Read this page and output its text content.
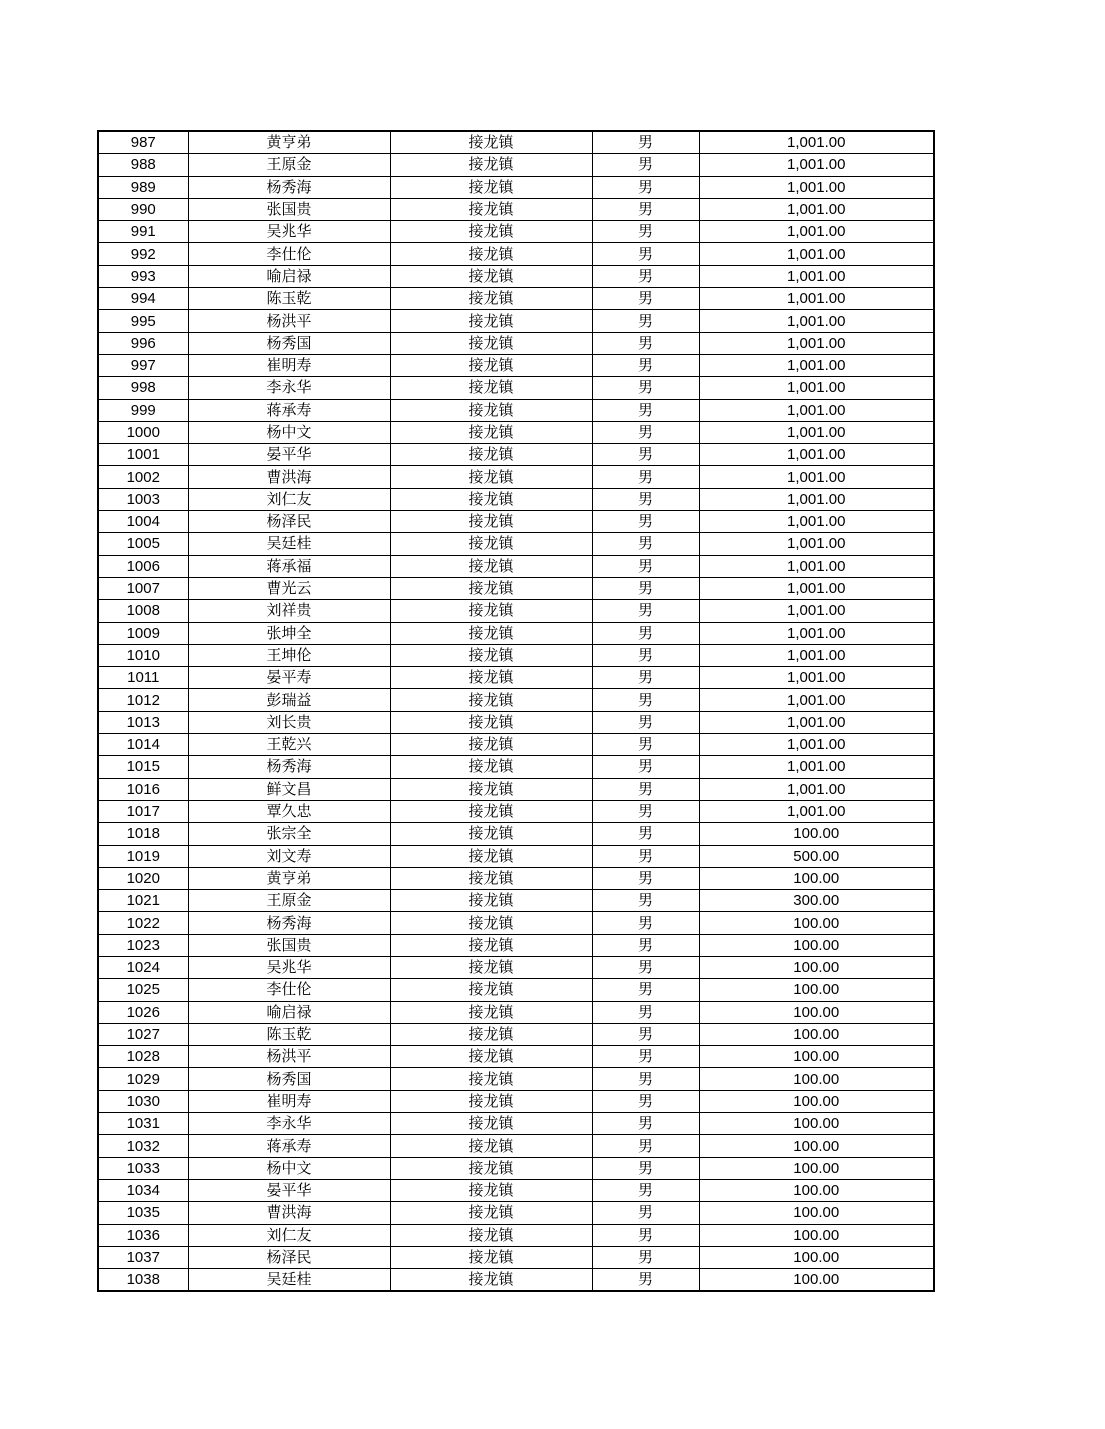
987	黄亨弟	接龙镇	男	1,001.00
988	王原金	接龙镇	男	1,001.00
989	杨秀海	接龙镇	男	1,001.00
990	张国贵	接龙镇	男	1,001.00
991	吴兆华	接龙镇	男	1,001.00
992	李仕伦	接龙镇	男	1,001.00
993	喻启禄	接龙镇	男	1,001.00
994	陈玉乾	接龙镇	男	1,001.00
995	杨洪平	接龙镇	男	1,001.00
996	杨秀国	接龙镇	男	1,001.00
997	崔明寿	接龙镇	男	1,001.00
998	李永华	接龙镇	男	1,001.00
999	蒋承寿	接龙镇	男	1,001.00
1000	杨中文	接龙镇	男	1,001.00
1001	晏平华	接龙镇	男	1,001.00
1002	曹洪海	接龙镇	男	1,001.00
1003	刘仁友	接龙镇	男	1,001.00
1004	杨泽民	接龙镇	男	1,001.00
1005	吴廷桂	接龙镇	男	1,001.00
1006	蒋承福	接龙镇	男	1,001.00
1007	曹光云	接龙镇	男	1,001.00
1008	刘祥贵	接龙镇	男	1,001.00
1009	张坤全	接龙镇	男	1,001.00
1010	王坤伦	接龙镇	男	1,001.00
1011	晏平寿	接龙镇	男	1,001.00
1012	彭瑞益	接龙镇	男	1,001.00
1013	刘长贵	接龙镇	男	1,001.00
1014	王乾兴	接龙镇	男	1,001.00
1015	杨秀海	接龙镇	男	1,001.00
1016	鲜文昌	接龙镇	男	1,001.00
1017	覃久忠	接龙镇	男	1,001.00
1018	张宗全	接龙镇	男	100.00
1019	刘文寿	接龙镇	男	500.00
1020	黄亨弟	接龙镇	男	100.00
1021	王原金	接龙镇	男	300.00
1022	杨秀海	接龙镇	男	100.00
1023	张国贵	接龙镇	男	100.00
1024	吴兆华	接龙镇	男	100.00
1025	李仕伦	接龙镇	男	100.00
1026	喻启禄	接龙镇	男	100.00
1027	陈玉乾	接龙镇	男	100.00
1028	杨洪平	接龙镇	男	100.00
1029	杨秀国	接龙镇	男	100.00
1030	崔明寿	接龙镇	男	100.00
1031	李永华	接龙镇	男	100.00
1032	蒋承寿	接龙镇	男	100.00
1033	杨中文	接龙镇	男	100.00
1034	晏平华	接龙镇	男	100.00
1035	曹洪海	接龙镇	男	100.00
1036	刘仁友	接龙镇	男	100.00
1037	杨泽民	接龙镇	男	100.00
1038	吴廷桂	接龙镇	男	100.00
